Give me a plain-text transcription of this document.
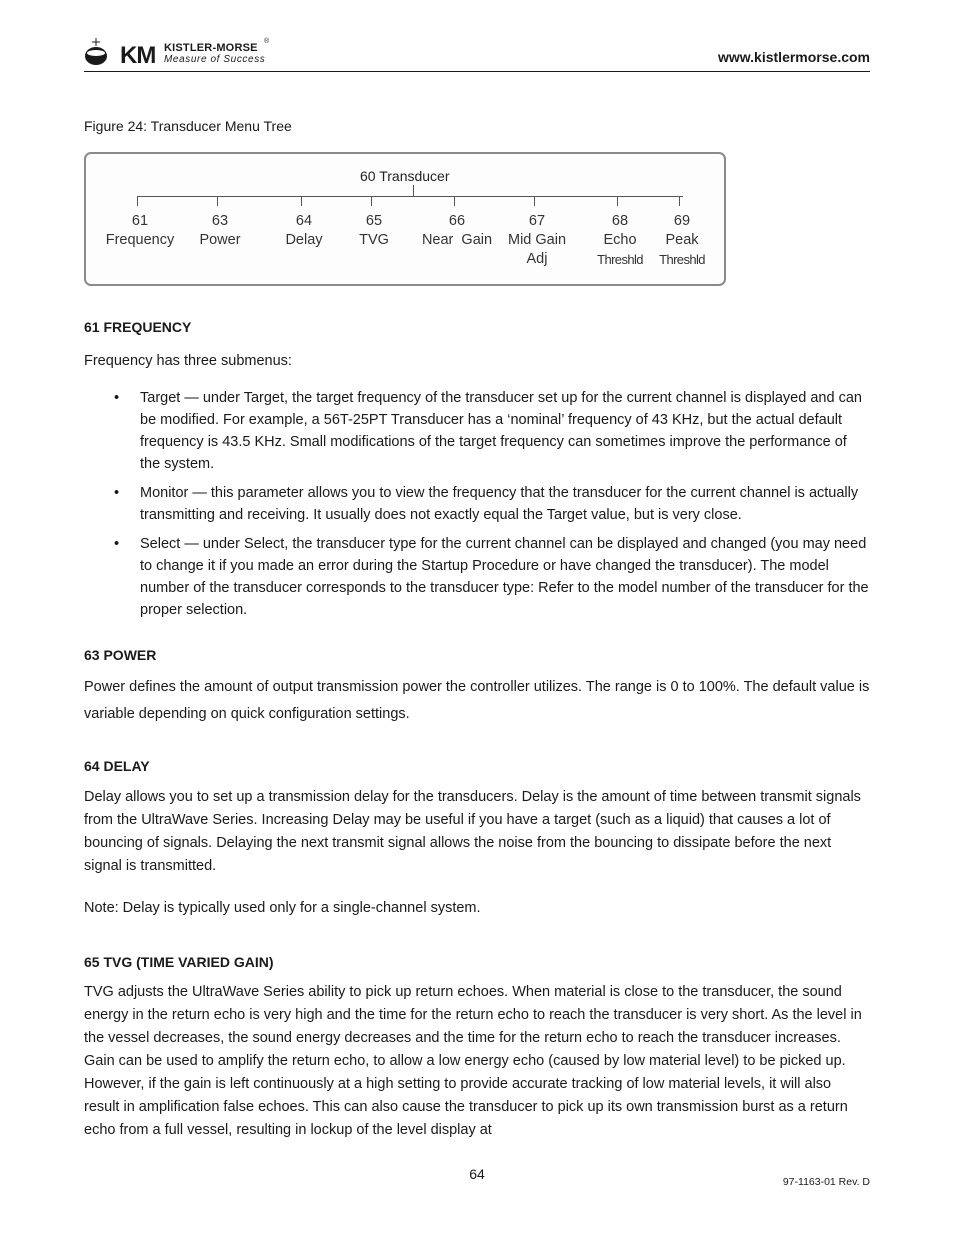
KM KISTLER-MORSE
®
Measure of Success	www.kistlermorse.com
Figure 24: Transducer Menu Tree
60 Transducer
61
Frequency
63
Power
64
Delay
65
TVG
66
Near  Gain
67
Mid Gain
Adj
68
Echo
Threshld
69
Peak
Threshld
61 FREQUENCY

Frequency has three submenus:

• Target — under Target, the target frequency of the transducer set up for the current channel is displayed and can be modified. For example, a 56T-25PT Transducer has a ‘nominal’ frequency of 43 KHz, but the actual default frequency is 43.5 KHz. Small modifications of the target frequency can sometimes improve the performance of the system.
• Monitor — this parameter allows you to view the frequency that the transducer for the current channel is actually transmitting and receiving. It usually does not exactly equal the Target value, but is very close.
• Select — under Select, the transducer type for the current channel can be displayed and changed (you may need to change it if you made an error during the Startup Procedure or have changed the transducer). The model number of the transducer corresponds to the transducer type: Refer to the model number of the transducer for the proper selection.
63 POWER

Power defines the amount of output transmission power the controller utilizes. The range is 0 to 100%. The default value is variable depending on quick configuration settings.

64 DELAY

Delay allows you to set up a transmission delay for the transducers. Delay is the amount of time between transmit signals from the UltraWave Series. Increasing Delay may be useful if you have a target (such as a liquid) that causes a lot of bouncing of signals. Delaying the next transmit signal allows the noise from the bouncing to dissipate before the next signal is transmitted.

Note: Delay is typically used only for a single-channel system.

65 TVG (TIME VARIED GAIN)

TVG adjusts the UltraWave Series ability to pick up return echoes. When material is close to the transducer, the sound energy in the return echo is very high and the time for the return echo to reach the transducer is very short. As the level in the vessel decreases, the sound energy decreases and the time for the return echo to reach the transducer increases. Gain can be used to amplify the return echo, to allow a low energy echo (caused by low material level) to be picked up. However, if the gain is left continuously at a high setting to provide accurate tracking of low material levels, it will also result in amplification false echoes. This can also cause the transducer to pick up its own transmission burst as a return echo from a full vessel, resulting in lockup of the level display at

64	97-1163-01 Rev. D
